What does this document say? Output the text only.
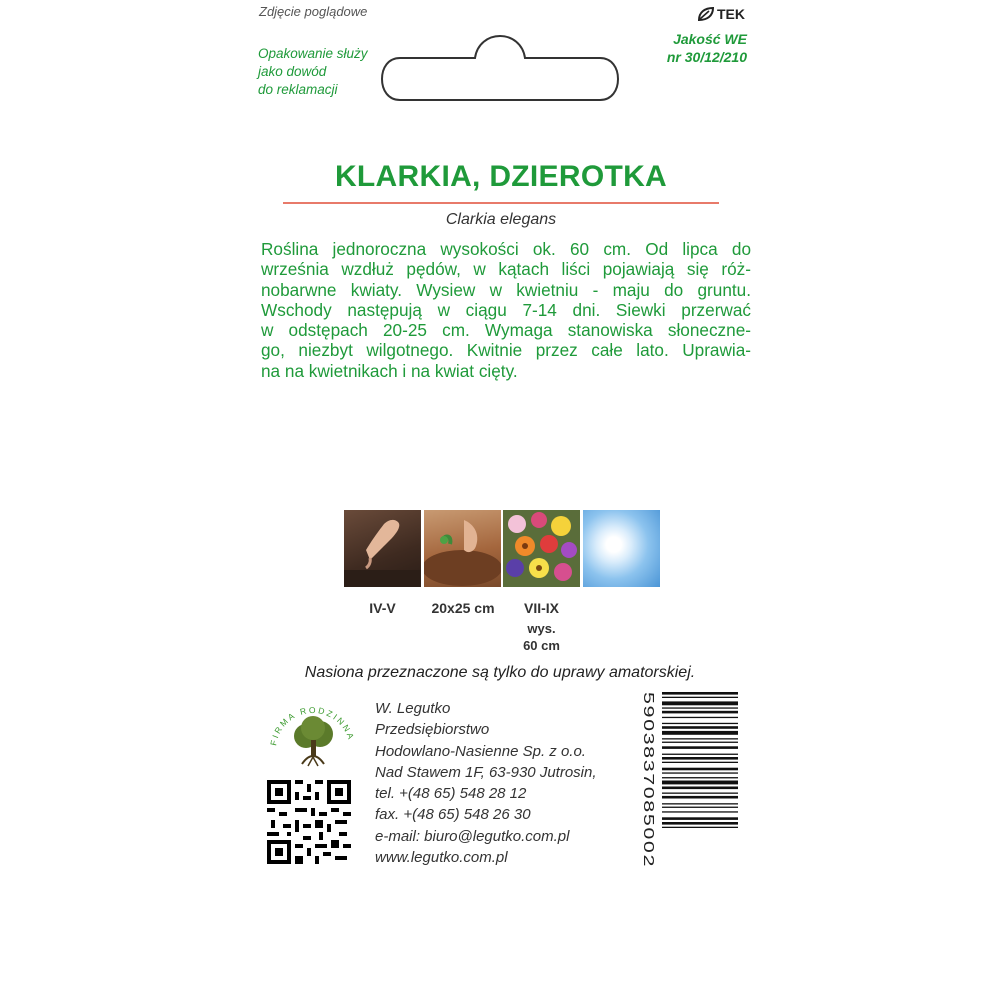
Zdjęcie poglądowe
Opakowanie służy
jako dowód
do reklamacji
TEK
Jakość WE
nr 30/12/210
KLARKIA, DZIEROTKA
Clarkia elegans
Roślina jednoroczna wysokości ok. 60 cm. Od lipca do
września wzdłuż pędów, w kątach liści pojawiają się róż-
nobarwne kwiaty. Wysiew w kwietniu - maju do gruntu.
Wschody następują w ciągu 7-14 dni. Siewki przerwać
w odstępach 20-25 cm. Wymaga stanowiska słoneczne-
go, niezbyt wilgotnego. Kwitnie przez całe lato. Uprawia-
na na kwietnikach i na kwiat cięty.
IV-V	20x25 cm	VII-IX
wys.
60 cm
Nasiona przeznaczone są tylko do uprawy amatorskiej.
FIRMA RODZINNA
W. Legutko
Przedsiębiorstwo
Hodowlano-Nasienne Sp. z o.o.
Nad Stawem 1F, 63-930 Jutrosin,
tel. +(48 65) 548 28 12
fax. +(48 65) 548 26 30
e-mail: biuro@legutko.com.pl
www.legutko.com.pl
5903837085002
